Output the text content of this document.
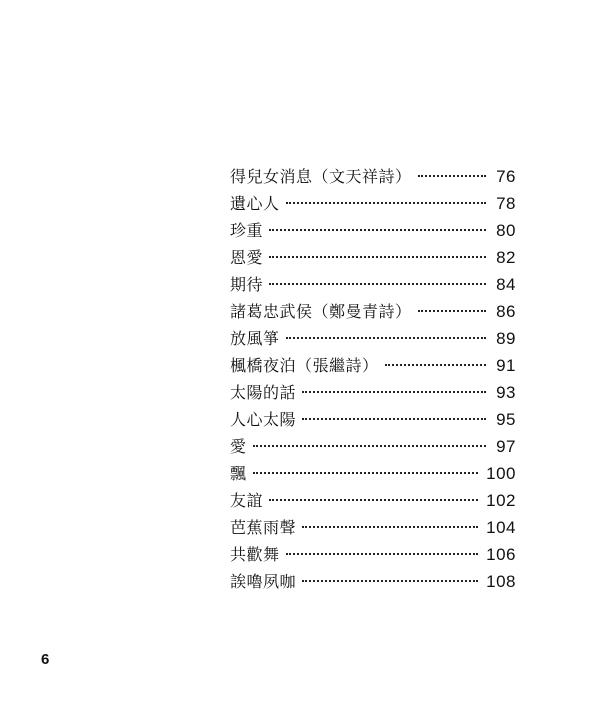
得兒女消息（文天祥詩）	76
遺心人	78
珍重	80
恩愛	82
期待	84
諸葛忠武侯（鄭曼青詩）	86
放風箏	89
楓橋夜泊（張繼詩）	91
太陽的話	93
人心太陽	95
愛	97
飄	100
友誼	102
芭蕉雨聲	104
共歡舞	106
誒嚕夙咖	108
6
